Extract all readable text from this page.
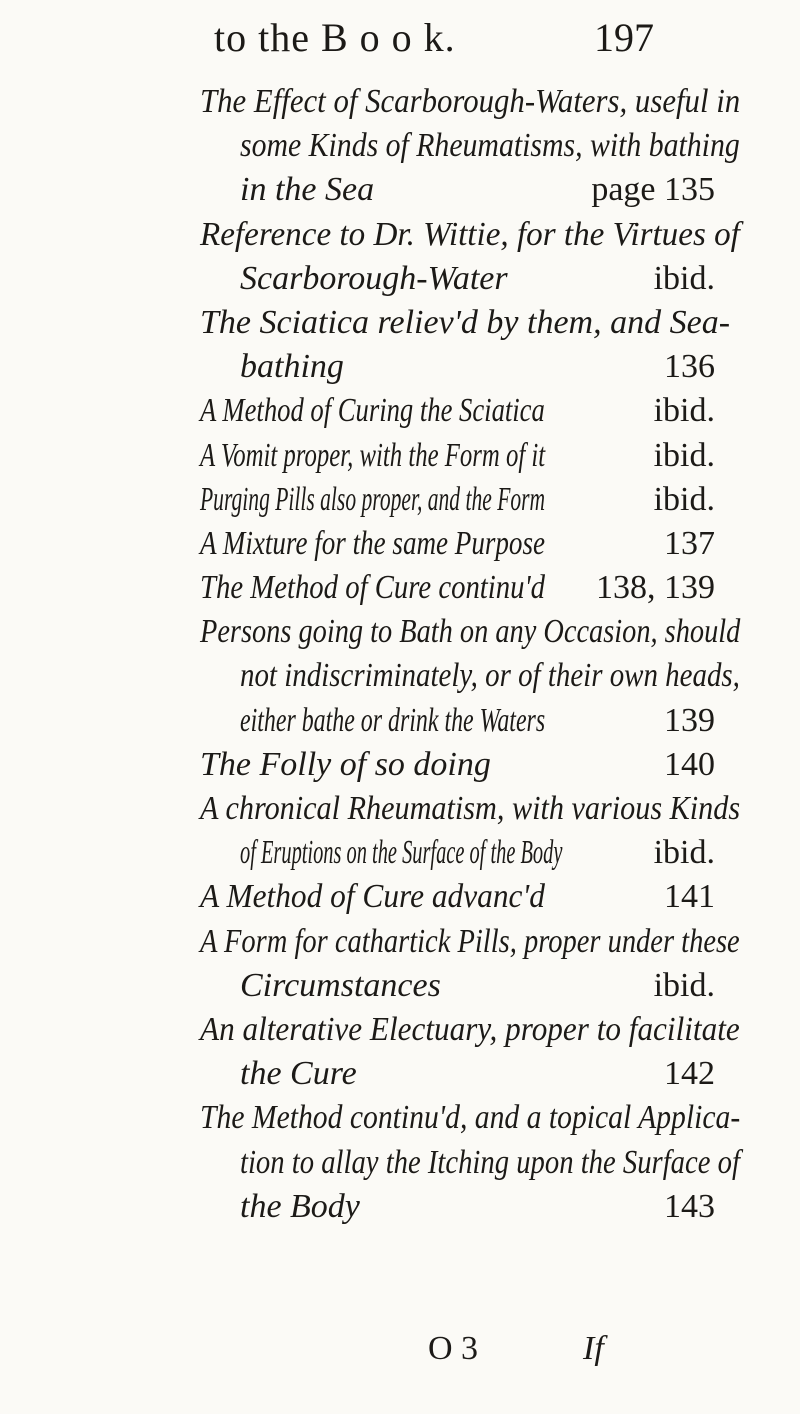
to the B o o k.	197
The Effect of Scarborough-Waters, useful in
some Kinds of Rheumatisms, with bathing
in the Sea	page 135
Reference to Dr. Wittie, for the Virtues of
Scarborough-Water	ibid.
The Sciatica reliev'd by them, and Sea-
bathing	136
A Method of Curing the Sciatica	ibid.
A Vomit proper, with the Form of it	ibid.
Purging Pills also proper, and the Form	ibid.
A Mixture for the same Purpose	137
The Method of Cure continu'd 138, 139
Persons going to Bath on any Occasion, should
not indiscriminately, or of their own heads,
either bathe or drink the Waters	139
The Folly of so doing	140
A chronical Rheumatism, with various Kinds
of Eruptions on the Surface of the Body	ibid.
A Method of Cure advanc'd	141
A Form for cathartick Pills, proper under these
Circumstances	ibid.
An alterative Electuary, proper to facilitate
the Cure	142
The Method continu'd, and a topical Applica-
tion to allay the Itching upon the Surface of
the Body	143
O 3	If
